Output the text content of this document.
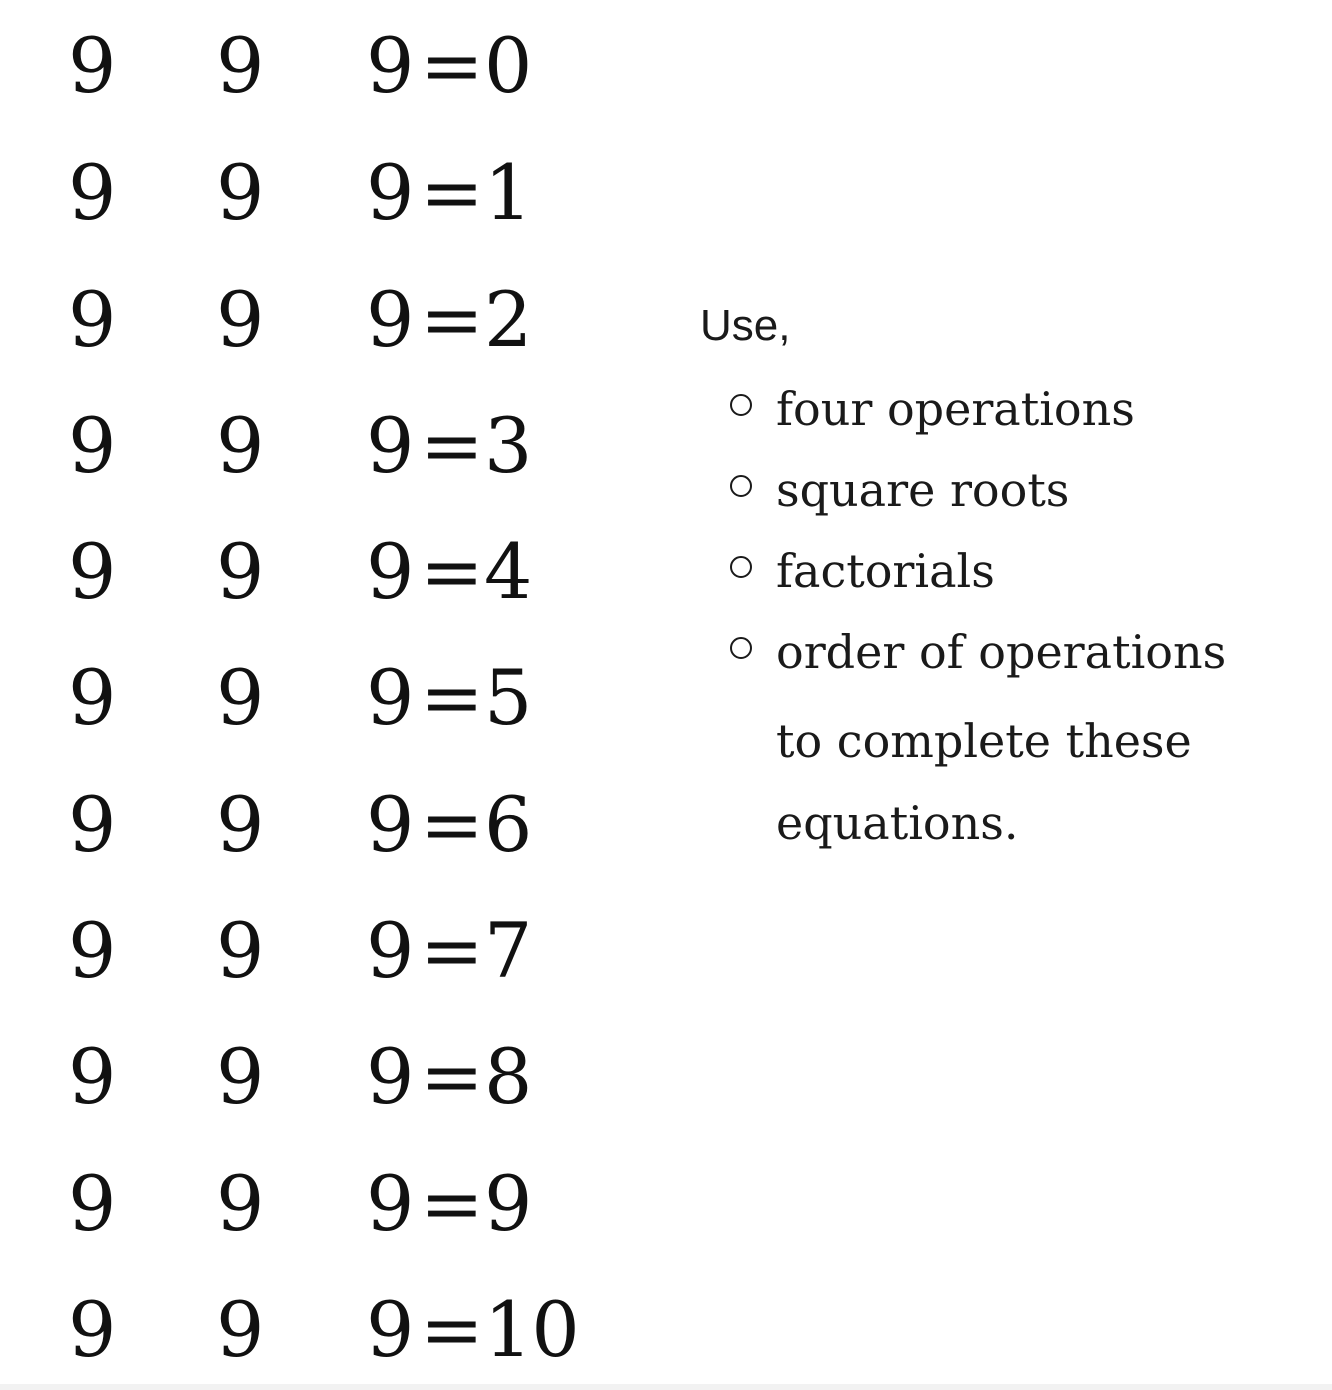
9 9 9 = 0
9 9 9 = 1
9 9 9 = 2
9 9 9 = 3
9 9 9 = 4
9 9 9 = 5
9 9 9 = 6
9 9 9 = 7
9 9 9 = 8
9 9 9 = 9
9 9 9 = 10
Use,
four operations
square roots
factorials
order of operations
to complete these equations.
